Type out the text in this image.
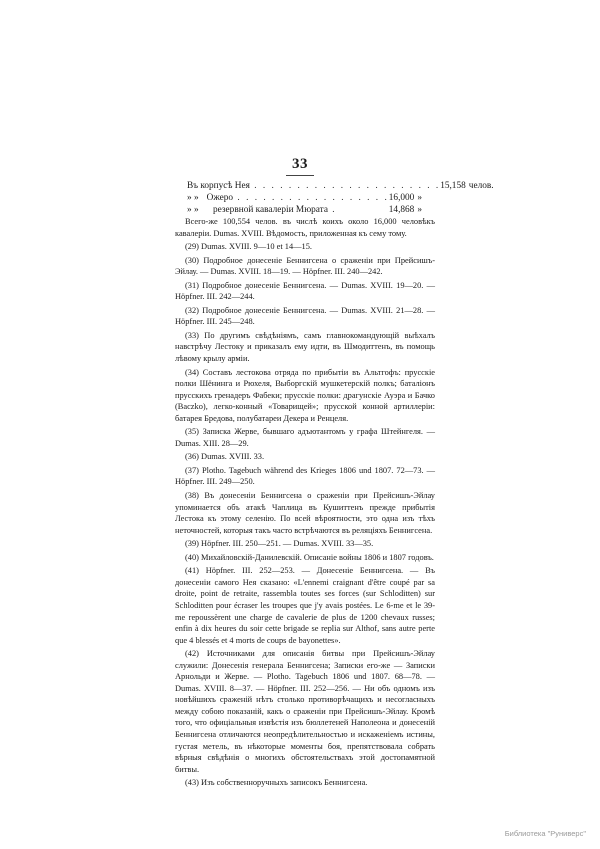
33
Въ корпусѣ Нея . . . . . . . . . . . . . . . . . . . . . . 15,158 челов.
» » Ожеро . . . . . . . . . . . . . . . . . . 16,000 »
» »	резервной кавалеріи Мюрата .	14,868 »

Всего-же 100,554 челов. въ числѣ коихъ около 16,000 человѣкъ кавалеріи. Dumas. XVIII. Вѣдомость, приложенная къ сему тому.

(29) Dumas. XVIII. 9—10 et 14—15.

(30) Подробное донесеніе Беннигсена о сраженіи при Прейсишъ-Эйлау. — Dumas. XVIII. 18—19. — Höpfner. III. 240—242.

(31) Подробное донесеніе Беннигсена. — Dumas. XVIII. 19—20. — Höpfner. III. 242—244.

(32) Подробное донесеніе Беннигсена. — Dumas. XVIII. 21—28. — Höpfner. III. 245—248.

(33) По другимъ свѣдѣніямъ, самъ главнокомандующій выѣхалъ навстрѣчу Лестоку и приказалъ ему идти, въ Шмодиттенъ, въ помощь лѣвому крылу арміи.

(34) Составъ лестокова отряда по прибытіи въ Альтгофъ: прусскіе полки Шёнинга и Рюхеля, Выборгскій мушкетерскій полкъ; баталіонъ прусскихъ гренадеръ Фабеки; прусскіе полки: драгунскіе Ауэра и Бачко (Baczko), легко-конный «Товарищей»; прусской конной артиллеріи: батарея Бредова, полубатареи Декера и Ренцеля.

(35) Записка Жерве, бывшаго адъютантомъ у графа Штейнгеля. — Dumas. XIII. 28—29.

(36) Dumas. XVIII. 33.

(37) Plotho. Tagebuch während des Krieges 1806 und 1807. 72—73. — Höpfner. III. 249—250.

(38) Въ донесеніи Беннигсена о сраженіи при Прейсишъ-Эйлау упоминается объ атакѣ Чаплица въ Кушиттенъ прежде прибытія Лестока къ этому селенію. По всей вѣроятности, это одна изъ тѣхъ неточностей, которыя такъ часто встрѣчаются въ реляціяхъ Беннигсена.

(39) Höpfner. III. 250—251. — Dumas. XVIII. 33—35.

(40) Михайловскій-Данилевскій. Описаніе войны 1806 и 1807 годовъ.

(41) Höpfner. III. 252—253. — Донесеніе Беннигсена. — Въ донесеніи самого Нея сказано: «L'ennemi craignant d'être coupé par sa droite, point de retraite, rassembla toutes ses forces (sur Schloditten) sur Schloditten pour écraser les troupes que j'y avais postées. Le 6-me et le 39-me repoussèrent une charge de cavalerie de plus de 1200 chevaux russes; enfin à dix heures du soir cette brigade se replia sur Althof, sans autre perte que 4 blessés et 4 morts de coups de bayonettes».

(42) Источниками для описанія битвы при Прейсишъ-Эйлау служили: Донесенія генерала Беннигсена; Записки его-же — Записки Арнольди и Жерве. — Plotho. Tagebuch 1806 und 1807. 68—78. — Dumas. XVIII. 8—37. — Höpfner. III. 252—256. — Ни объ одномъ изъ новѣйшихъ сраженій нѣтъ столько противорѣчащихъ и несогласныхъ между собою показаній, какъ о сраженіи при Прейсишъ-Эйлау. Кромѣ того, что офиціальныя извѣстія изъ бюллетеней Наполеона и донесеній Беннигсена отличаются неопредѣлительностью и искаженіемъ истины, густая метель, въ нѣкоторые моменты боя, препятствовала собрать вѣрныя свѣдѣнія о многихъ обстоятельствахъ этой достопамятной битвы.

(43) Изъ собственноручныхъ записокъ Беннигсена.

Библиотека "Руниверс"
